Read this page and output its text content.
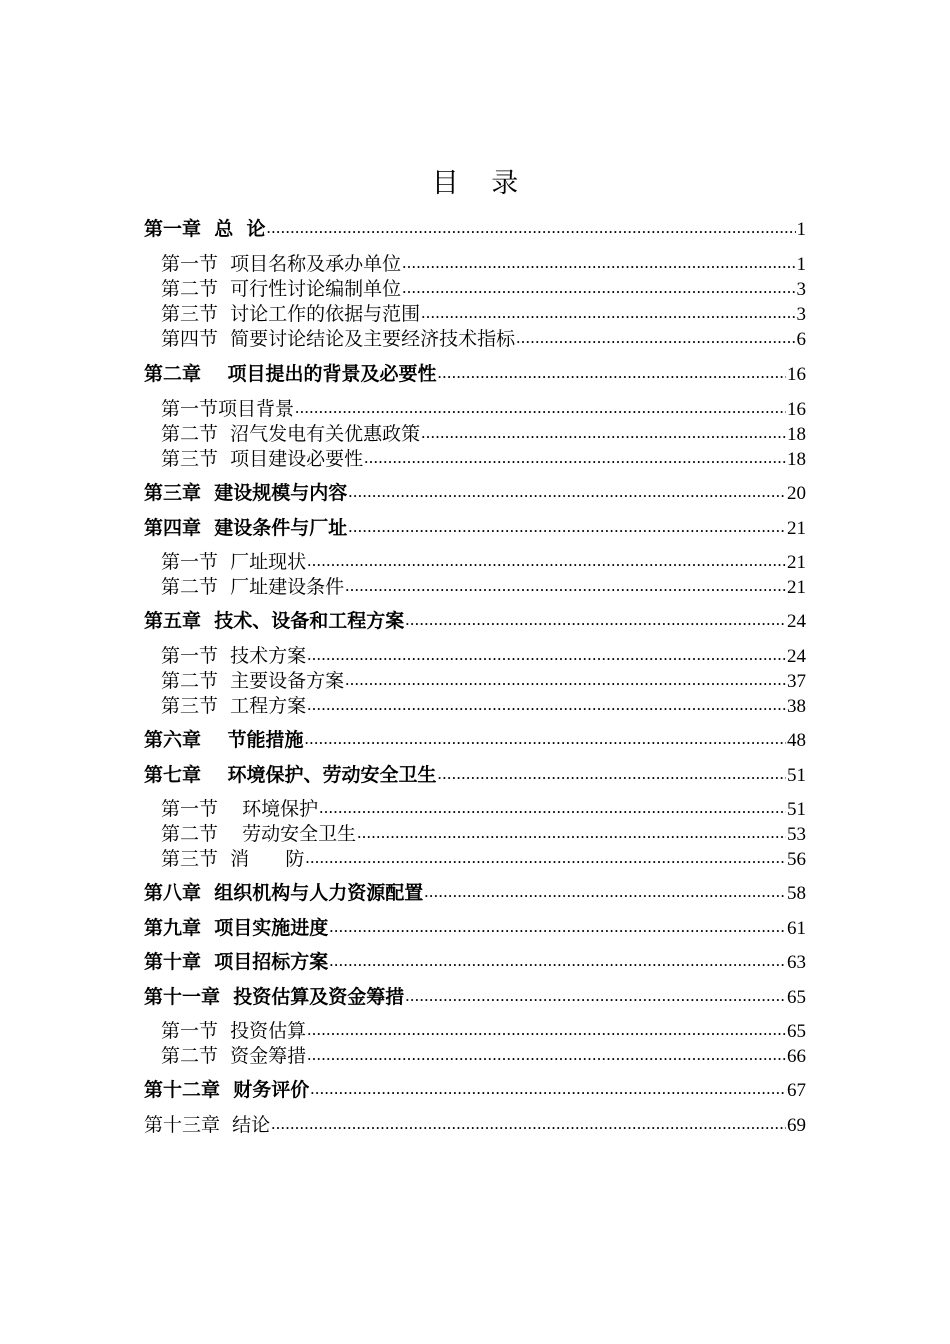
目 录
第一章  总  论 .....	1
第一节  项目名称及承办单位 .....	1
第二节  可行性讨论编制单位 .....	3
第三节  讨论工作的依据与范围 .....	3
第四节  简要讨论结论及主要经济技术指标 .....	6
第二章    项目提出的背景及必要性 .....	16
第一节项目背景 .....	16
第二节  沼气发电有关优惠政策 .....	18
第三节  项目建设必要性 .....	18
第三章  建设规模与内容 .....	20
第四章  建设条件与厂址 .....	21
第一节  厂址现状 .....	21
第二节  厂址建设条件 .....	21
第五章  技术、设备和工程方案 .....	24
第一节  技术方案 .....	24
第二节  主要设备方案 .....	37
第三节  工程方案 .....	38
第六章    节能措施 .....	48
第七章    环境保护、劳动安全卫生 .....	51
第一节    环境保护 .....	51
第二节    劳动安全卫生 .....	53
第三节  消      防 .....	56
第八章  组织机构与人力资源配置 .....	58
第九章  项目实施进度 .....	61
第十章  项目招标方案 .....	63
第十一章  投资估算及资金筹措 .....	65
第一节  投资估算 .....	65
第二节  资金筹措 .....	66
第十二章  财务评价 .....	67
第十三章  结论 .....	69
